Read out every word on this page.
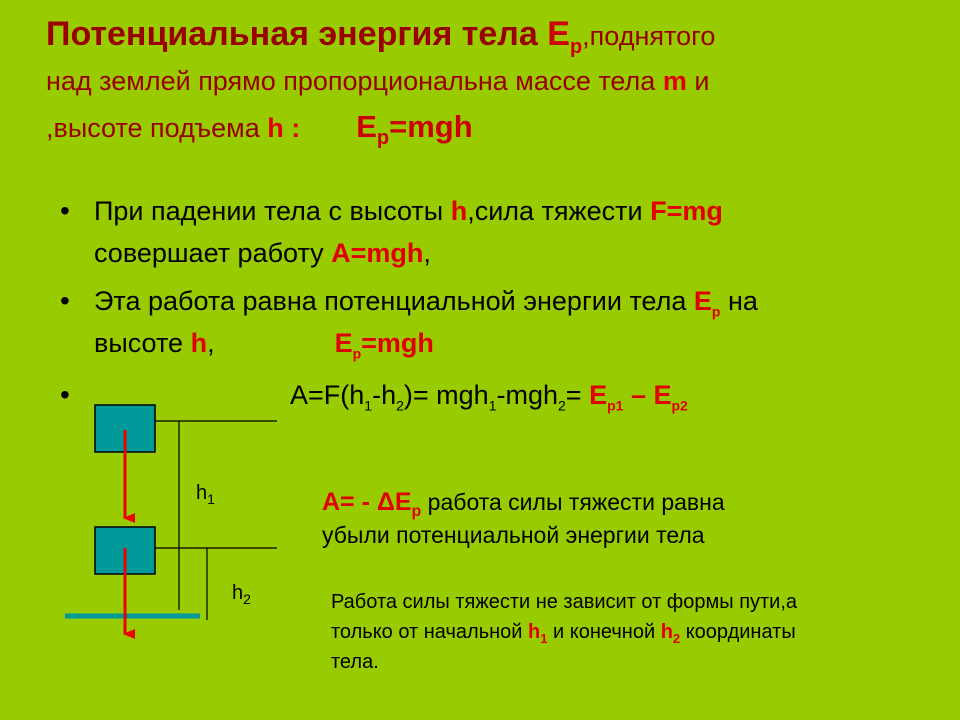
Потенциальная энергия тела $E_p,поднятого$
над землей прямо пропорциональна массе тела m и
,высоте подъема h : $E_p=mgh$
• При падении тела с высоты h,сила тяжести F=mg
совершает работу A=mgh,
• Эта работа равна потенциальной энергии тела $E_p$ на
высоте h,	$E_p=mgh$
•	$A=F(h_1-h_2)= mgh_1-mgh_2= E_{p1} - E_{p2}$
$h_1$
$h_2$
$A= - \Delta E_p$ работа силы тяжести равна
убыли потенциальной энергии тела
Работа силы тяжести не зависит от формы пути,а
только от начальной $h_1$ и конечной $h_2$ координаты
тела.
